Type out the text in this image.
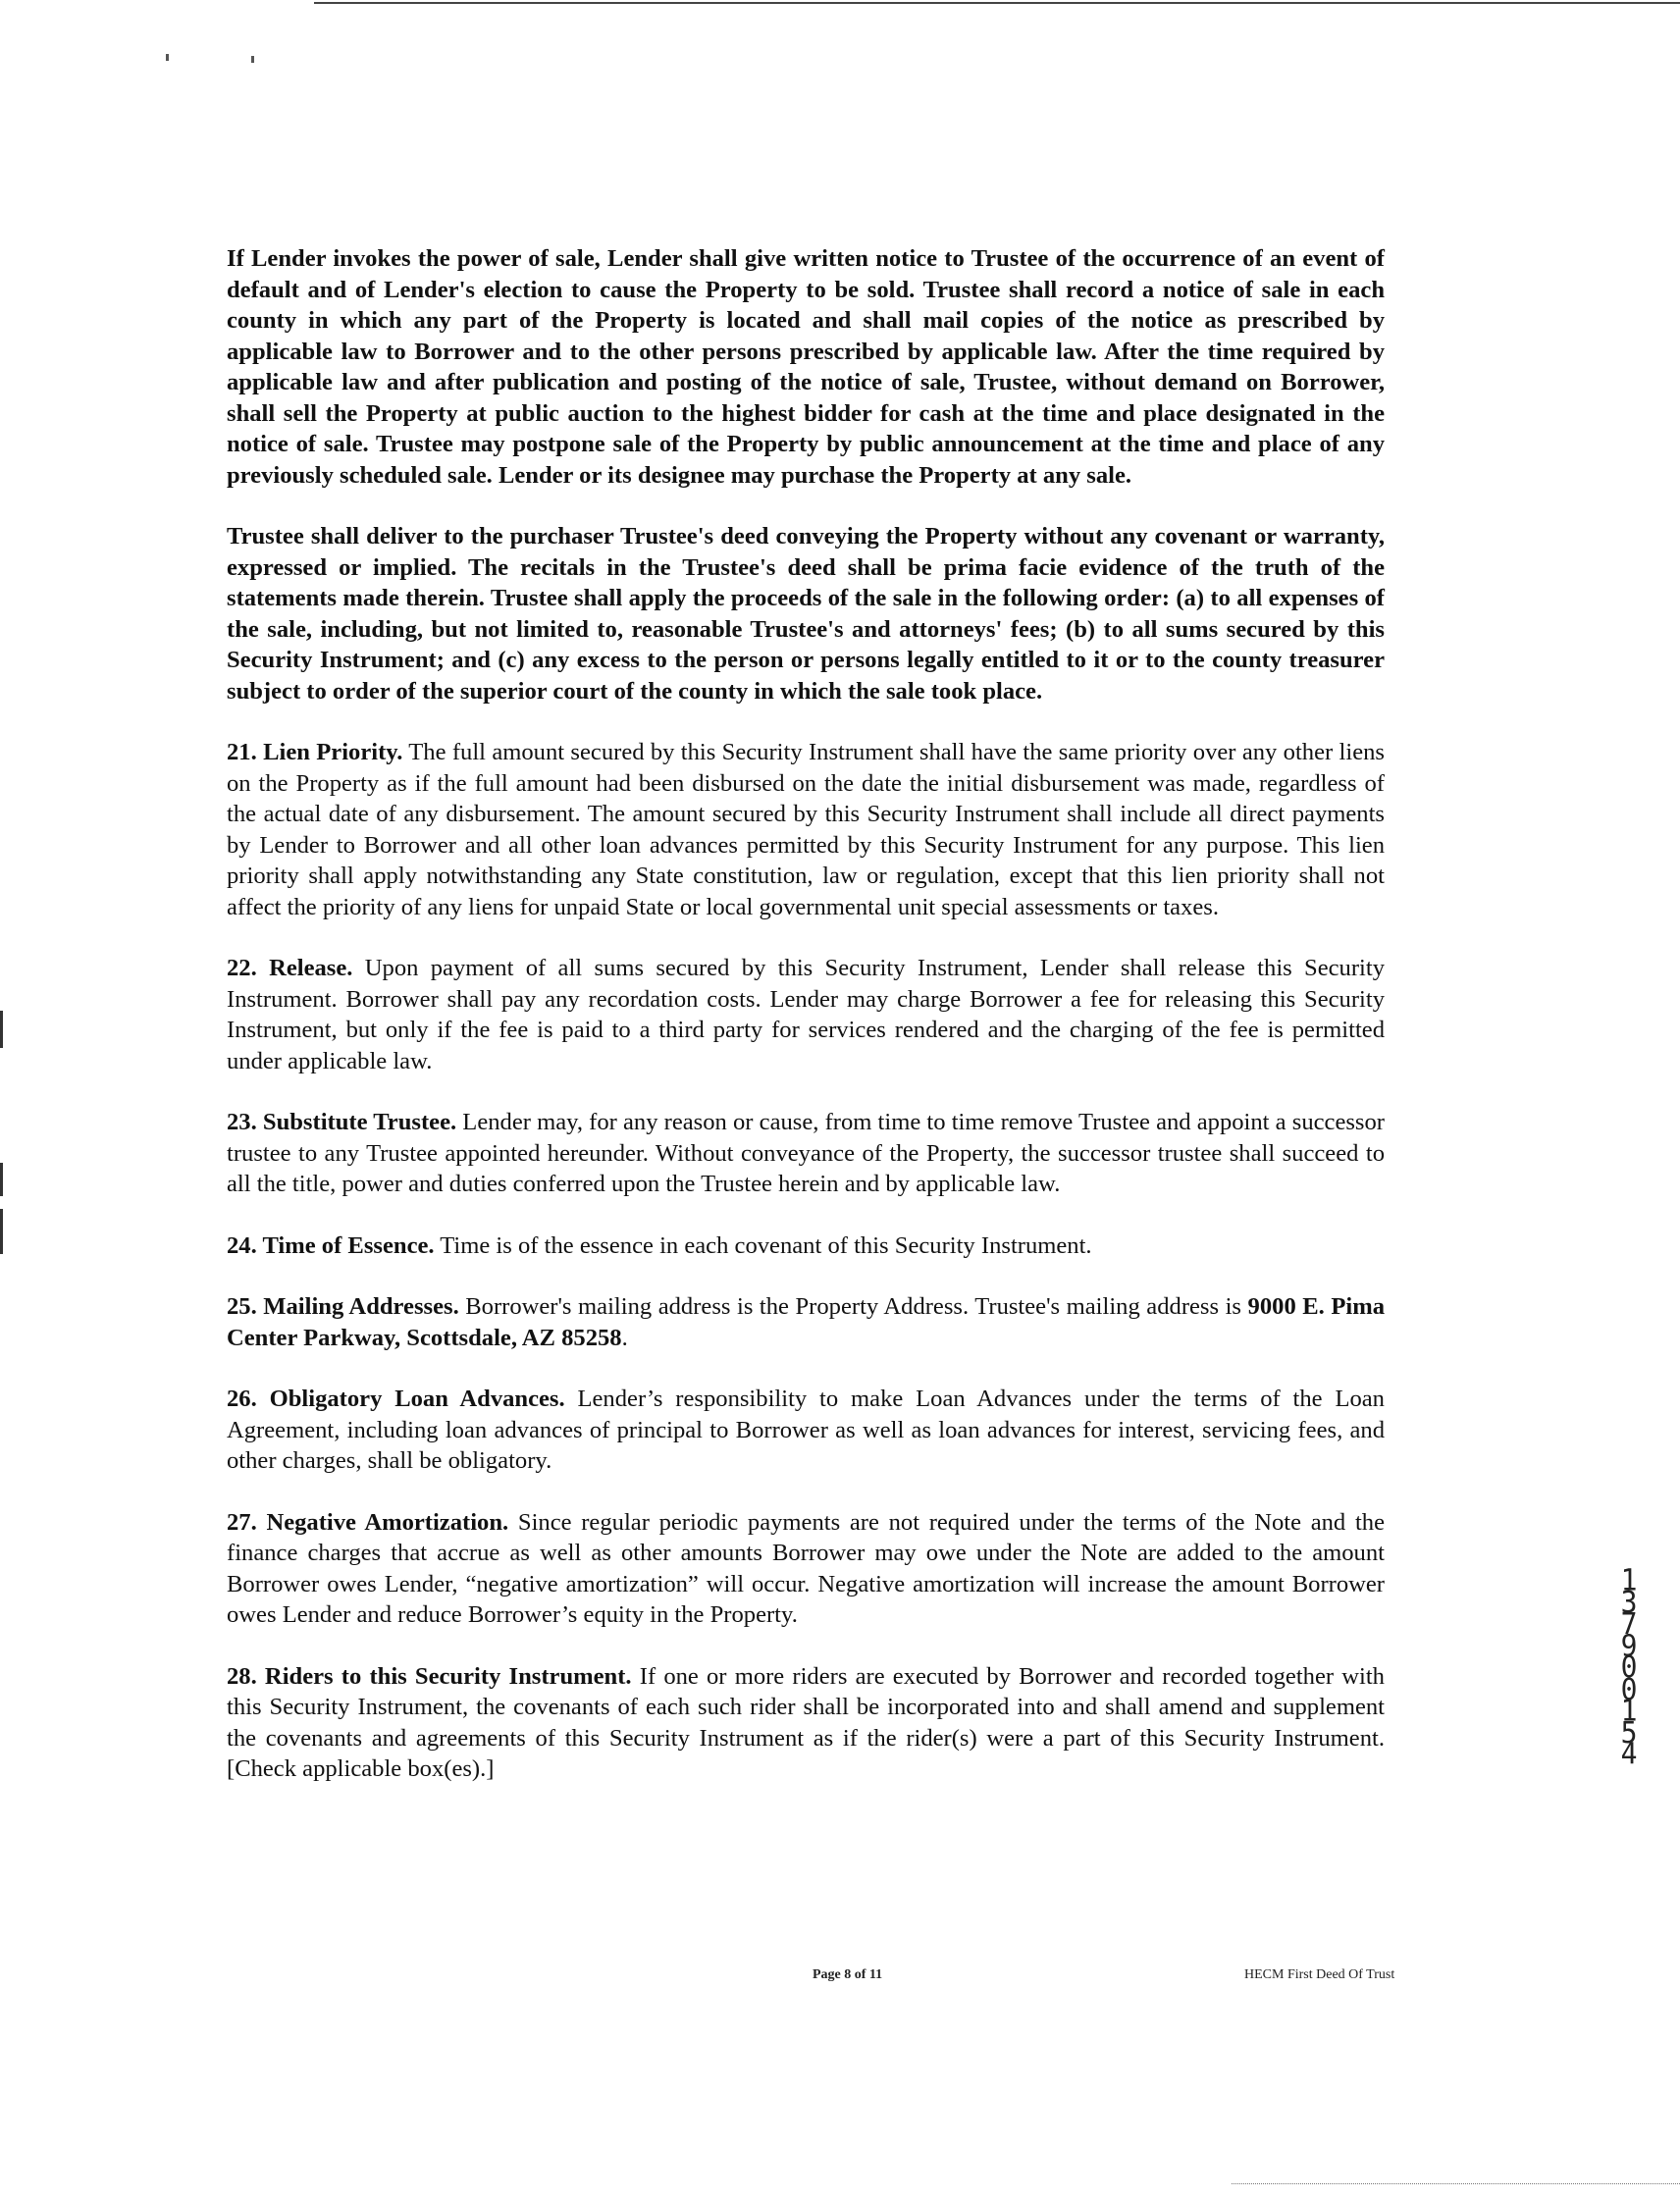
If Lender invokes the power of sale, Lender shall give written notice to Trustee of the occurrence of an event of default and of Lender's election to cause the Property to be sold. Trustee shall record a notice of sale in each county in which any part of the Property is located and shall mail copies of the notice as prescribed by applicable law to Borrower and to the other persons prescribed by applicable law. After the time required by applicable law and after publication and posting of the notice of sale, Trustee, without demand on Borrower, shall sell the Property at public auction to the highest bidder for cash at the time and place designated in the notice of sale. Trustee may postpone sale of the Property by public announcement at the time and place of any previously scheduled sale. Lender or its designee may purchase the Property at any sale.

Trustee shall deliver to the purchaser Trustee's deed conveying the Property without any covenant or warranty, expressed or implied. The recitals in the Trustee's deed shall be prima facie evidence of the truth of the statements made therein. Trustee shall apply the proceeds of the sale in the following order: (a) to all expenses of the sale, including, but not limited to, reasonable Trustee's and attorneys' fees; (b) to all sums secured by this Security Instrument; and (c) any excess to the person or persons legally entitled to it or to the county treasurer subject to order of the superior court of the county in which the sale took place.

21. Lien Priority. The full amount secured by this Security Instrument shall have the same priority over any other liens on the Property as if the full amount had been disbursed on the date the initial disbursement was made, regardless of the actual date of any disbursement. The amount secured by this Security Instrument shall include all direct payments by Lender to Borrower and all other loan advances permitted by this Security Instrument for any purpose. This lien priority shall apply notwithstanding any State constitution, law or regulation, except that this lien priority shall not affect the priority of any liens for unpaid State or local governmental unit special assessments or taxes.

22. Release. Upon payment of all sums secured by this Security Instrument, Lender shall release this Security Instrument. Borrower shall pay any recordation costs. Lender may charge Borrower a fee for releasing this Security Instrument, but only if the fee is paid to a third party for services rendered and the charging of the fee is permitted under applicable law.

23. Substitute Trustee. Lender may, for any reason or cause, from time to time remove Trustee and appoint a successor trustee to any Trustee appointed hereunder. Without conveyance of the Property, the successor trustee shall succeed to all the title, power and duties conferred upon the Trustee herein and by applicable law.

24. Time of Essence. Time is of the essence in each covenant of this Security Instrument.

25. Mailing Addresses. Borrower's mailing address is the Property Address. Trustee's mailing address is 9000 E. Pima Center Parkway, Scottsdale, AZ 85258.

26. Obligatory Loan Advances. Lender’s responsibility to make Loan Advances under the terms of the Loan Agreement, including loan advances of principal to Borrower as well as loan advances for interest, servicing fees, and other charges, shall be obligatory.

27. Negative Amortization. Since regular periodic payments are not required under the terms of the Note and the finance charges that accrue as well as other amounts Borrower may owe under the Note are added to the amount Borrower owes Lender, “negative amortization” will occur. Negative amortization will increase the amount Borrower owes Lender and reduce Borrower’s equity in the Property.

28. Riders to this Security Instrument. If one or more riders are executed by Borrower and recorded together with this Security Instrument, the covenants of each such rider shall be incorporated into and shall amend and supplement the covenants and agreements of this Security Instrument as if the rider(s) were a part of this Security Instrument. [Check applicable box(es).]

Page 8 of 11	HECM First Deed Of Trust
13790 0154
